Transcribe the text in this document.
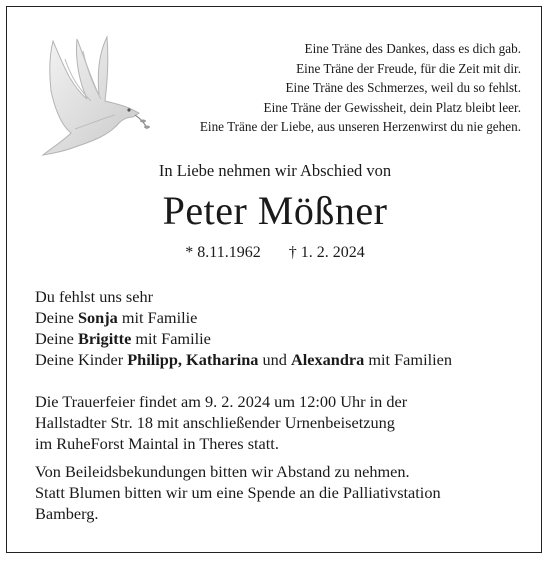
Eine Träne des Dankes, dass es dich gab.
Eine Träne der Freude, für die Zeit mit dir.
Eine Träne des Schmerzes, weil du so fehlst.
Eine Träne der Gewissheit, dein Platz bleibt leer.
Eine Träne der Liebe, aus unseren Herzenwirst du nie gehen.
In Liebe nehmen wir Abschied von
Peter Mößner
* 8.11.1962 † 1. 2. 2024
Du fehlst uns sehr
Deine Sonja mit Familie
Deine Brigitte mit Familie
Deine Kinder Philipp, Katharina und Alexandra mit Familien
Die Trauerfeier findet am 9. 2. 2024 um 12:00 Uhr in der
Hallstadter Str. 18 mit anschließender Urnenbeisetzung
im RuheForst Maintal in Theres statt.
Von Beileidsbekundungen bitten wir Abstand zu nehmen.
Statt Blumen bitten wir um eine Spende an die Palliativstation
Bamberg.
